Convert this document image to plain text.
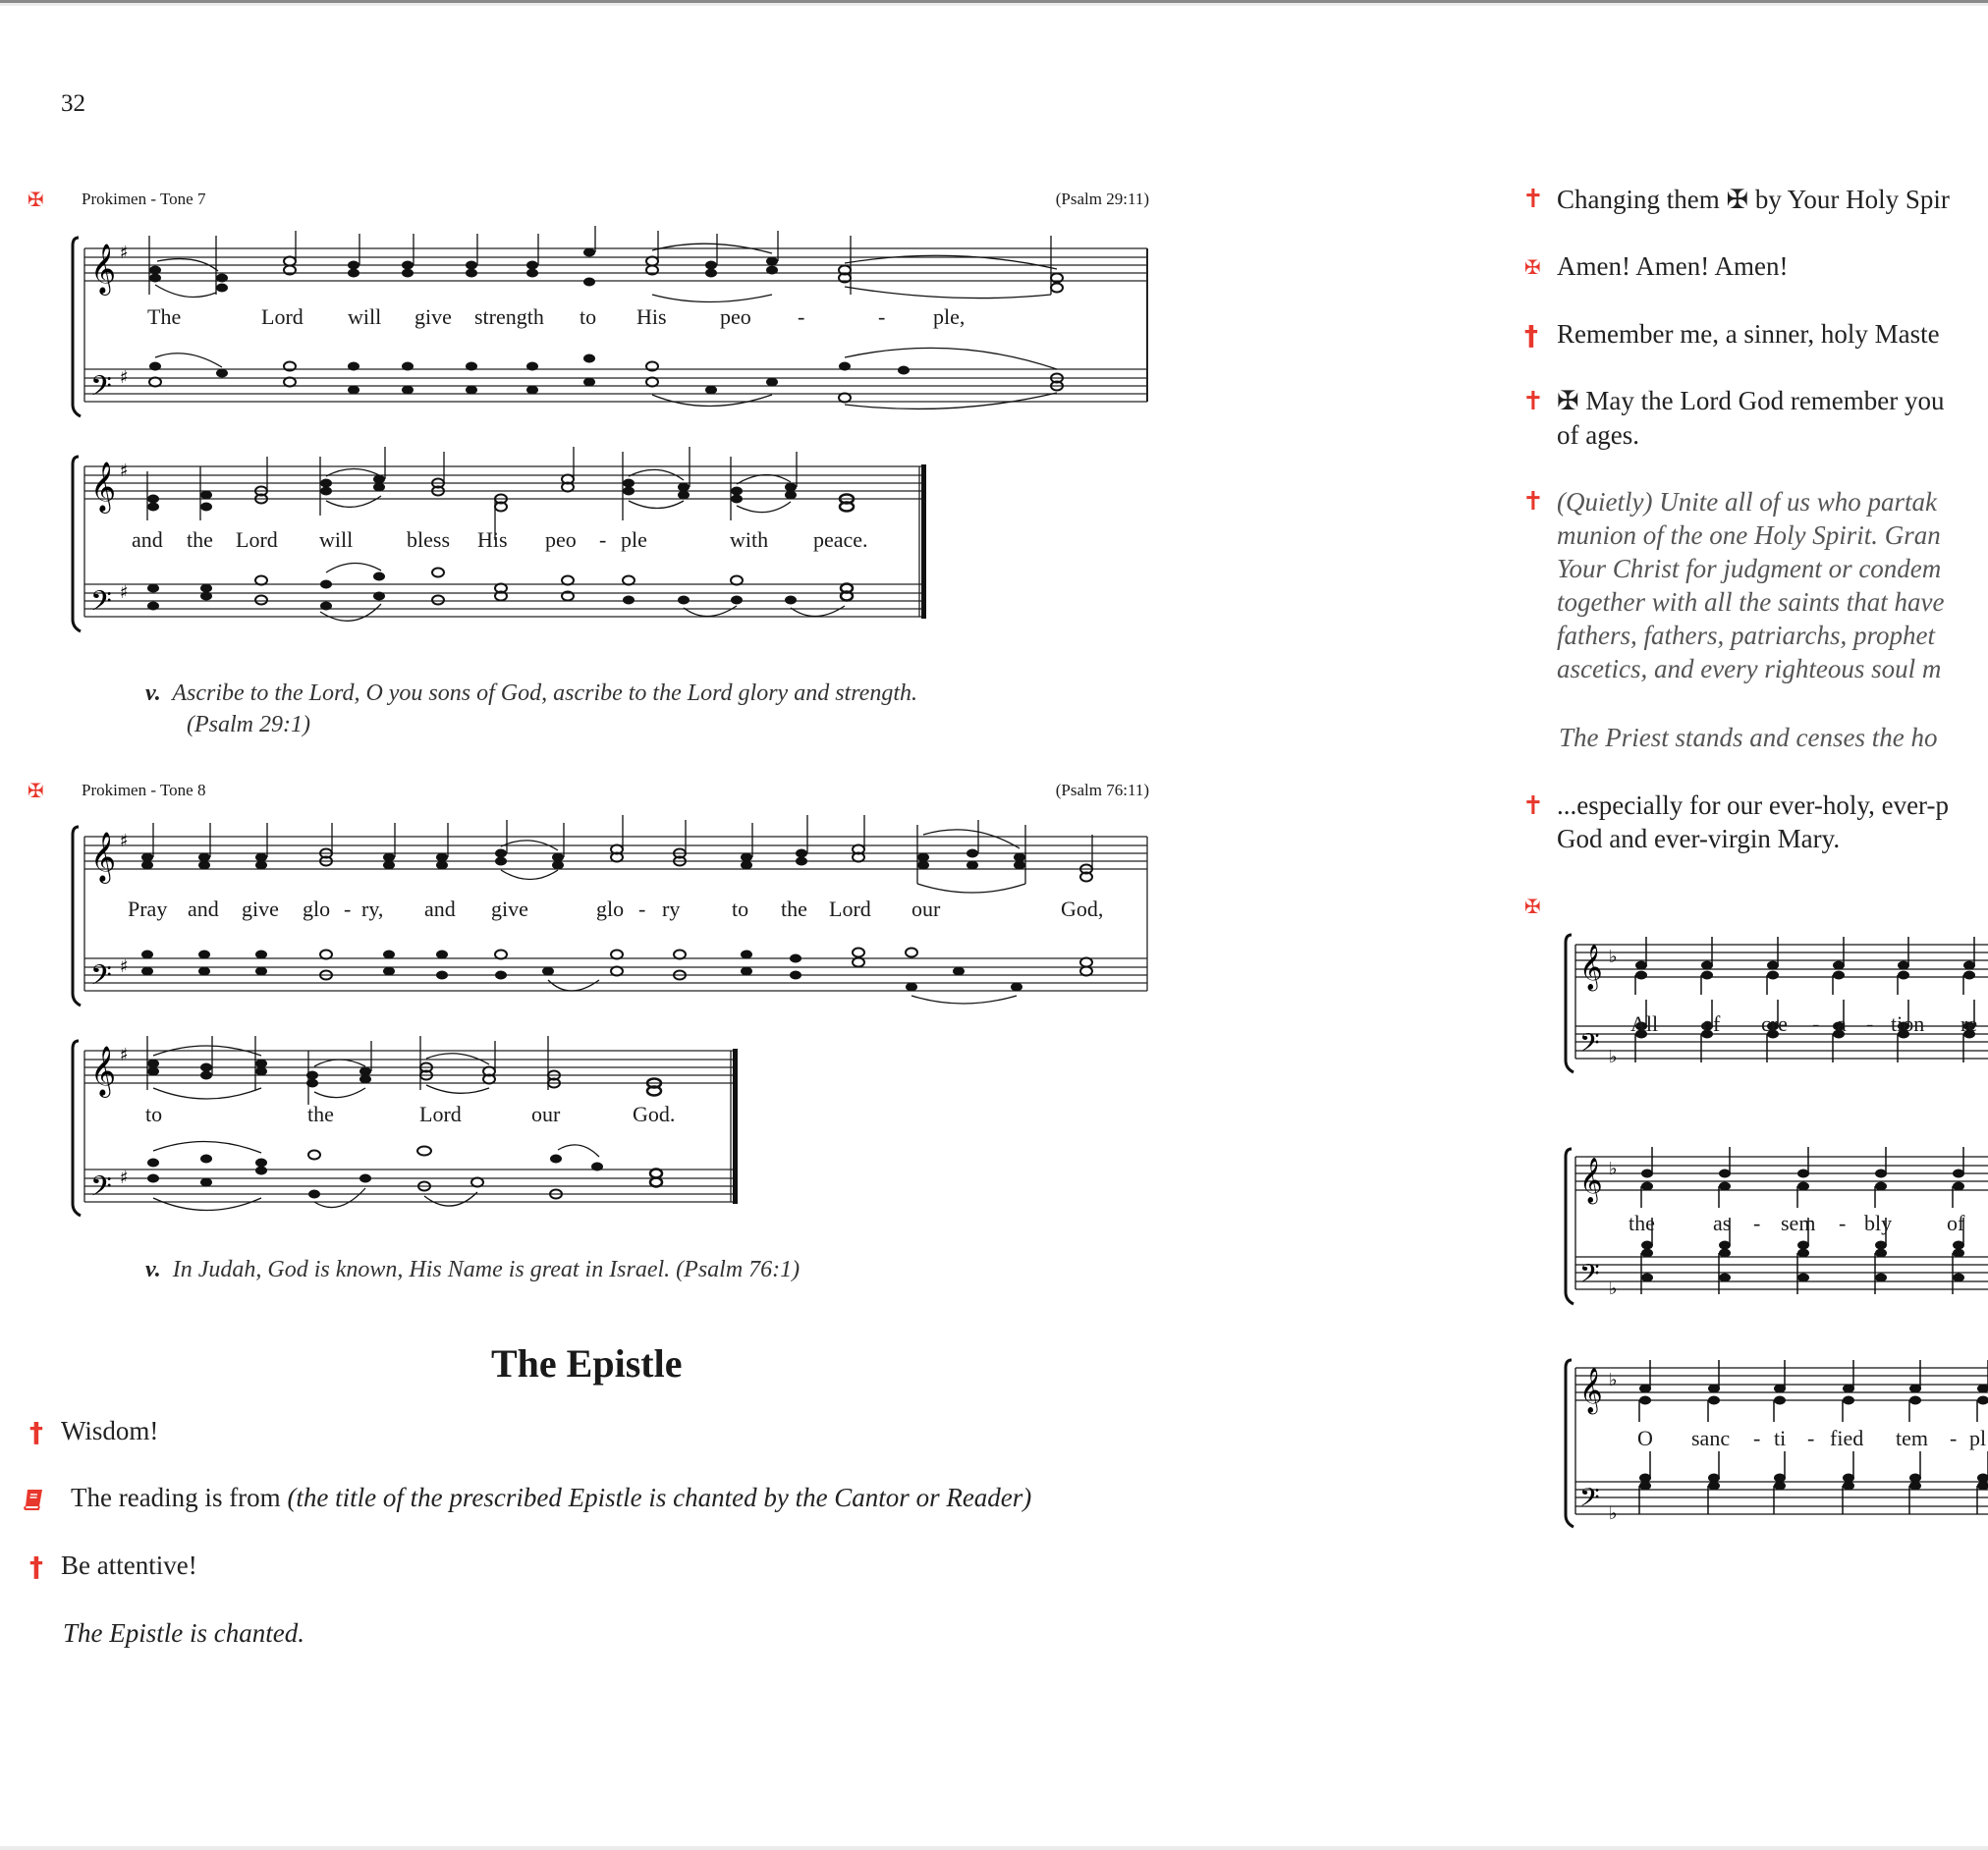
32
✠ Prokimen - Tone 7	(Psalm 29:11)
𝄞 ♯
𝄢 ♯
The	Lord will give strength to His peo -	- ple,
𝄞 ♯
𝄢 ♯
and the Lord will bless His peo - ple	with peace.
v. Ascribe to the Lord, O you sons of God, ascribe to the Lord glory and strength.
(Psalm 29:1)
✠ Prokimen - Tone 8	(Psalm 76:11)
𝄞 ♯
𝄢 ♯
Pray and give glo - ry, and give	glo - ry to the Lord our	God,
𝄞 ♯
𝄢 ♯
to	the	Lord	our	God.
v. In Judah, God is known, His Name is great in Israel. (Psalm 76:1)
The Epistle
† Wisdom!
The reading is from (the title of the prescribed Epistle is chanted by the Cantor or Reader)
† Be attentive!
The Epistle is chanted.
✝ Changing them ✠ by Your Holy Spir
✠ Amen! Amen! Amen!
† Remember me, a sinner, holy Maste
✝ ✠ May the Lord God remember you
of ages.
✝ (Quietly) Unite all of us who partak
munion of the one Holy Spirit. Gran
Your Christ for judgment or condem
together with all the saints that have
fathers, fathers, patriarchs, prophet
ascetics, and every righteous soul m
The Priest stands and censes the ho
✝ ...especially for our ever-holy, ever-p
God and ever-virgin Mary.
✠
𝄞 ♭
𝄢 ♭
All of cre - a - tion re
𝄞 ♭
𝄢 ♭
the	as - sem - bly	of
𝄞 ♭
𝄢 ♭
O sanc - ti - fied tem - pl
